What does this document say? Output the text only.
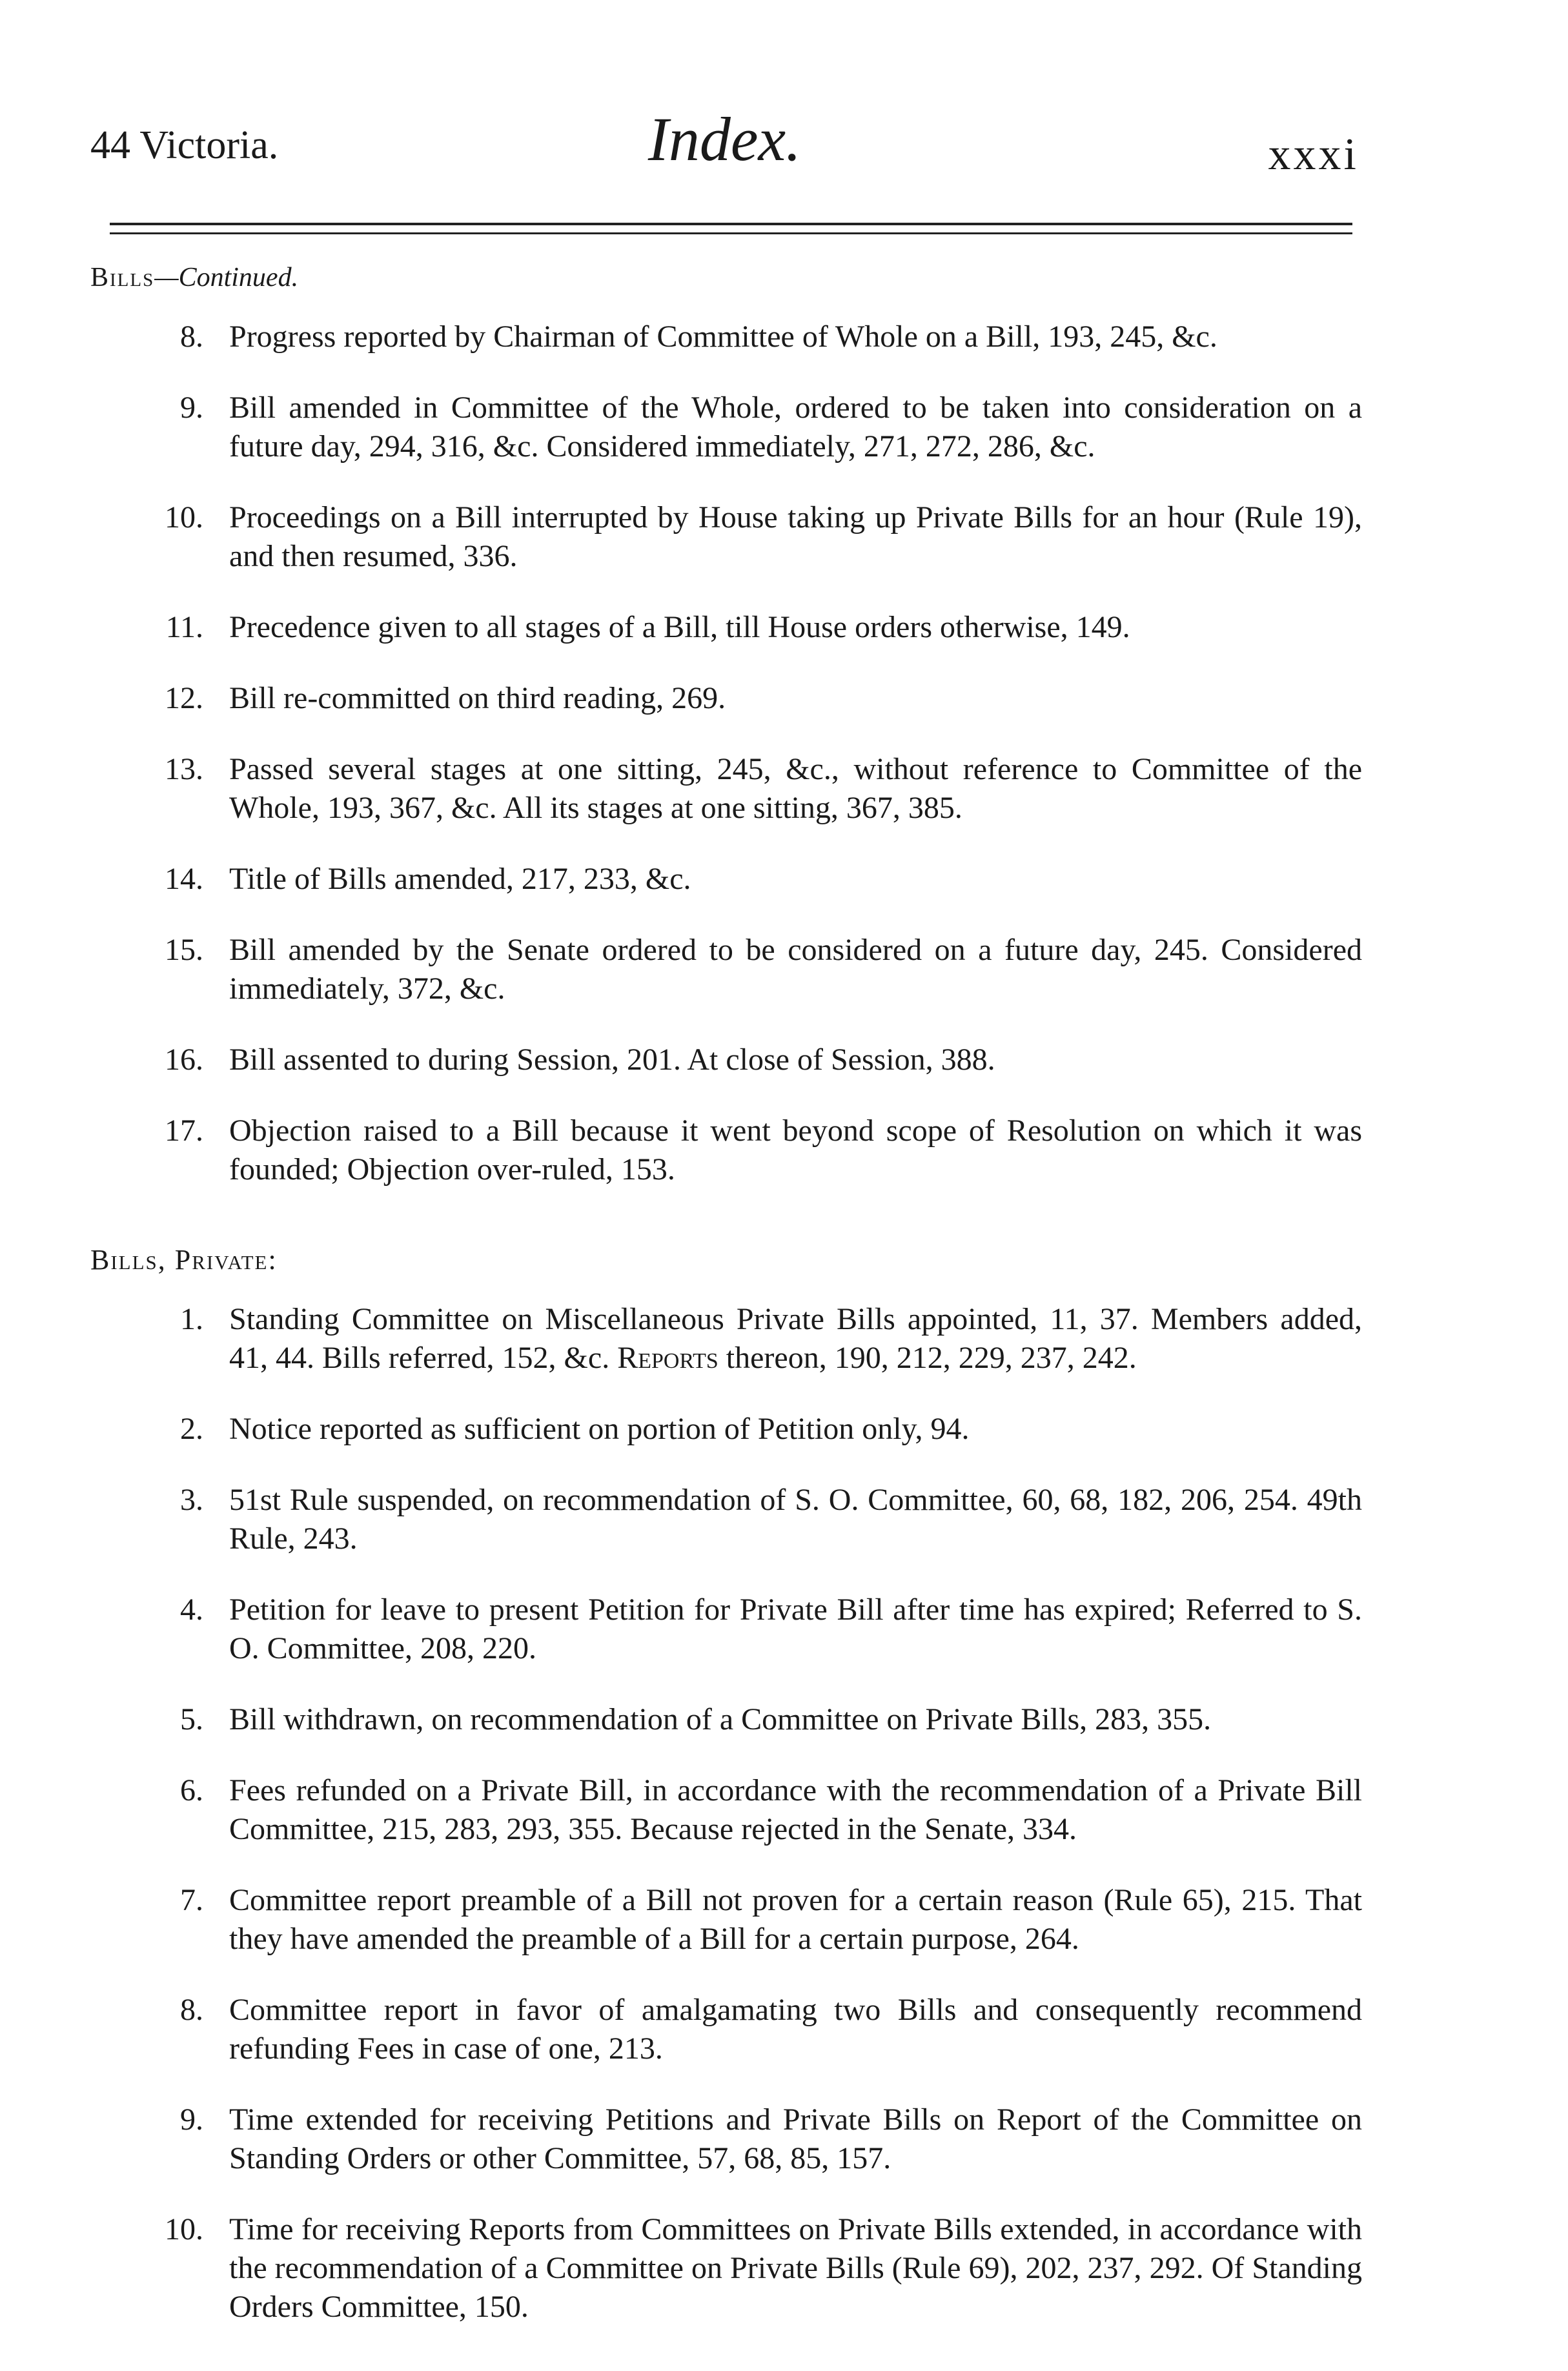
44 Victoria.	Index.	xxxi
Bills—Continued.
8. Progress reported by Chairman of Committee of Whole on a Bill, 193, 245, &c.
9. Bill amended in Committee of the Whole, ordered to be taken into consideration on a future day, 294, 316, &c. Considered immediately, 271, 272, 286, &c.
10. Proceedings on a Bill interrupted by House taking up Private Bills for an hour (Rule 19), and then resumed, 336.
11. Precedence given to all stages of a Bill, till House orders otherwise, 149.
12. Bill re-committed on third reading, 269.
13. Passed several stages at one sitting, 245, &c., without reference to Committee of the Whole, 193, 367, &c. All its stages at one sitting, 367, 385.
14. Title of Bills amended, 217, 233, &c.
15. Bill amended by the Senate ordered to be considered on a future day, 245. Considered immediately, 372, &c.
16. Bill assented to during Session, 201. At close of Session, 388.
17. Objection raised to a Bill because it went beyond scope of Resolution on which it was founded; Objection over-ruled, 153.
Bills, Private:
1. Standing Committee on Miscellaneous Private Bills appointed, 11, 37. Members added, 41, 44. Bills referred, 152, &c. Reports thereon, 190, 212, 229, 237, 242.
2. Notice reported as sufficient on portion of Petition only, 94.
3. 51st Rule suspended, on recommendation of S. O. Committee, 60, 68, 182, 206, 254. 49th Rule, 243.
4. Petition for leave to present Petition for Private Bill after time has expired; Referred to S. O. Committee, 208, 220.
5. Bill withdrawn, on recommendation of a Committee on Private Bills, 283, 355.
6. Fees refunded on a Private Bill, in accordance with the recommendation of a Private Bill Committee, 215, 283, 293, 355. Because rejected in the Senate, 334.
7. Committee report preamble of a Bill not proven for a certain reason (Rule 65), 215. That they have amended the preamble of a Bill for a certain purpose, 264.
8. Committee report in favor of amalgamating two Bills and consequently recommend refunding Fees in case of one, 213.
9. Time extended for receiving Petitions and Private Bills on Report of the Committee on Standing Orders or other Committee, 57, 68, 85, 157.
10. Time for receiving Reports from Committees on Private Bills extended, in accordance with the recommendation of a Committee on Private Bills (Rule 69), 202, 237, 292. Of Standing Orders Committee, 150.
